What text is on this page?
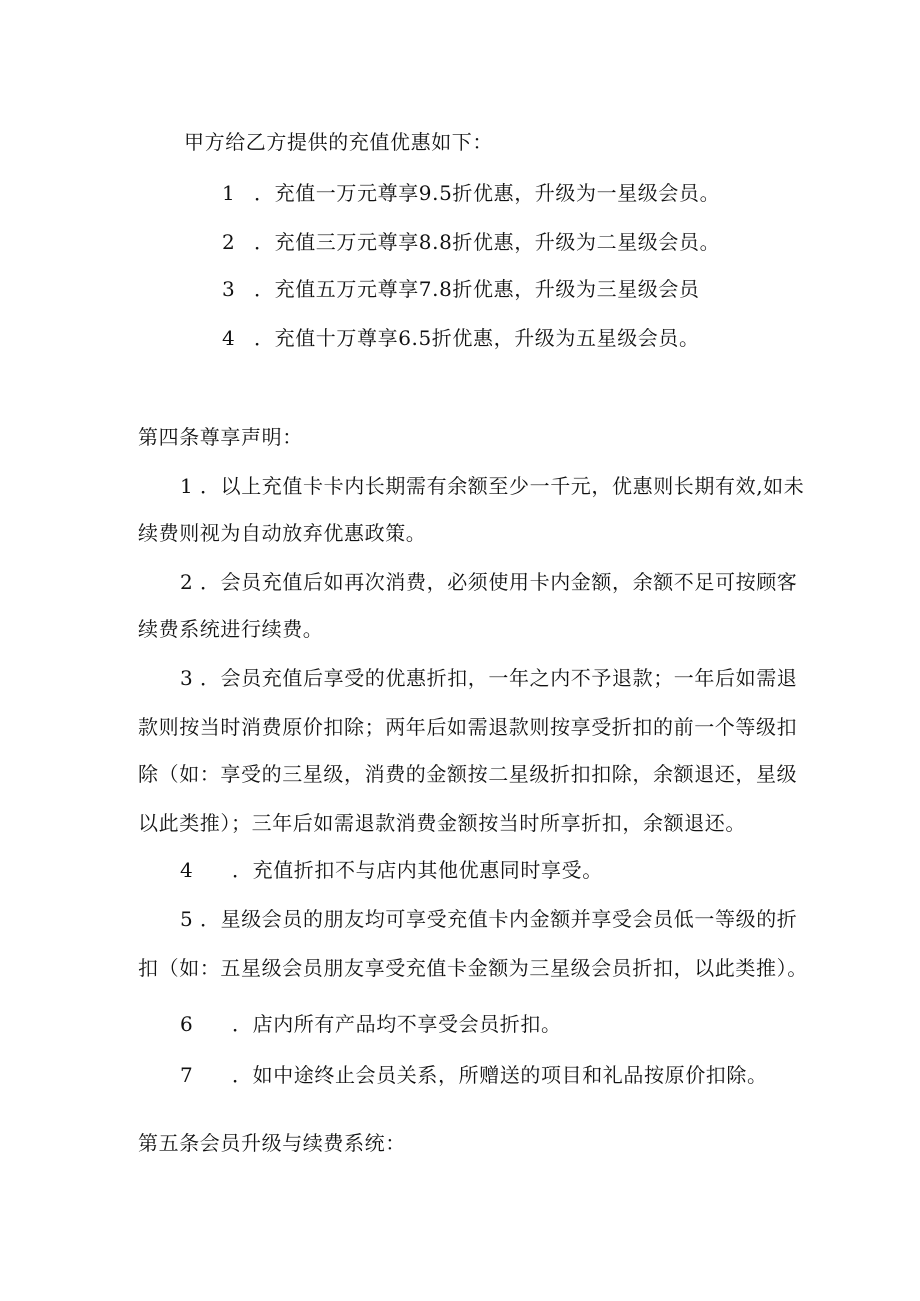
甲方给乙方提供的充值优惠如下：
1 ．充值一万元尊享9.5折优惠，升级为一星级会员。
2 ．充值三万元尊享8.8折优惠，升级为二星级会员。
3 ．充值五万元尊享7.8折优惠，升级为三星级会员
4 ．充值十万尊享6.5折优惠，升级为五星级会员。
第四条尊享声明：
1 ．以上充值卡卡内长期需有余额至少一千元，优惠则长期有效,如未
续费则视为自动放弃优惠政策。
2 ．会员充值后如再次消费，必须使用卡内金额，余额不足可按顾客
续费系统进行续费。
3 ．会员充值后享受的优惠折扣，一年之内不予退款；一年后如需退
款则按当时消费原价扣除；两年后如需退款则按享受折扣的前一个等级扣
除（如：享受的三星级，消费的金额按二星级折扣扣除，余额退还，星级
以此类推）；三年后如需退款消费金额按当时所享折扣，余额退还。
4 ．充值折扣不与店内其他优惠同时享受。
5 ．星级会员的朋友均可享受充值卡内金额并享受会员低一等级的折
扣（如：五星级会员朋友享受充值卡金额为三星级会员折扣，以此类推）。
6 ．店内所有产品均不享受会员折扣。
7 ．如中途终止会员关系，所赠送的项目和礼品按原价扣除。
第五条会员升级与续费系统：
